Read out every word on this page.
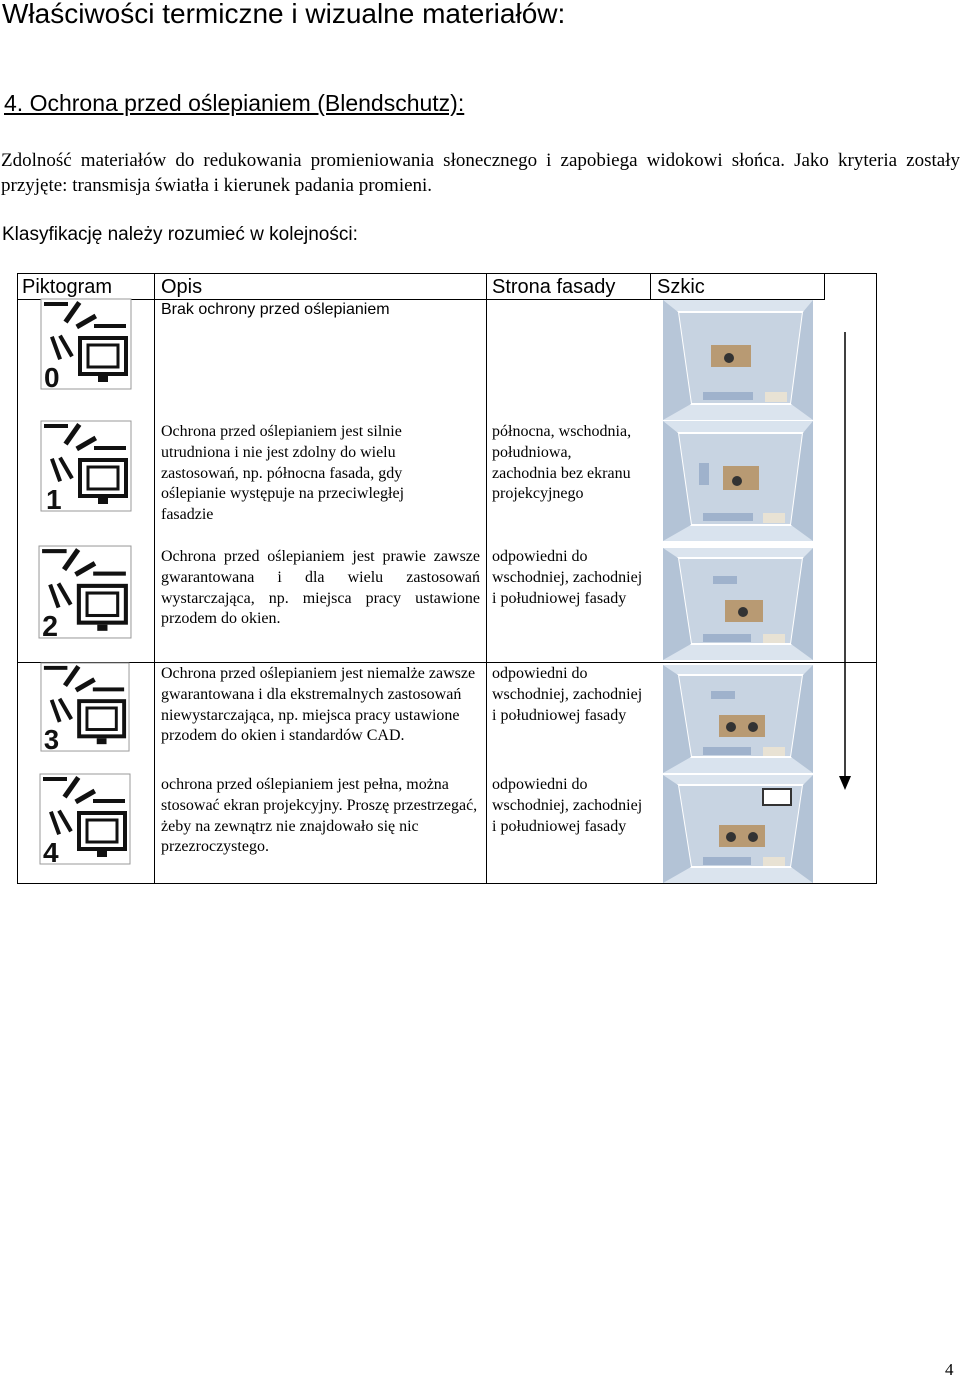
Właściwości termiczne i wizualne materiałów:
4. Ochrona przed oślepianiem (Blendschutz):
Zdolność materiałów do redukowania promieniowania słonecznego i zapobiega widokowi słońca. Jako kryteria zostały przyjęte: transmisja światła i kierunek padania promieni.
Klasyfikację należy rozumieć w kolejności:
Piktogram Opis	Strona fasady Szkic
Brak ochrony przed oślepianiem
Ochrona przed oślepianiem jest silnie utrudniona i nie jest zdolny do wielu zastosowań, np. północna fasada, gdy oślepianie występuje na przeciwległej fasadzie
Ochrona przed oślepianiem jest prawie zawsze gwarantowana i dla wielu zastosowań wystarczająca, np. miejsca pracy ustawione przodem do okien.
Ochrona przed oślepianiem jest niemalże zawsze gwarantowana i dla ekstremalnych zastosowań niewystarczająca, np. miejsca pracy ustawione przodem do okien i standardów CAD.
ochrona przed oślepianiem jest pełna, można stosować ekran projekcyjny. Proszę przestrzegać, żeby na zewnątrz nie znajdowało się nic przezroczystego.
północna, wschodnia, południowa, zachodnia bez ekranu projekcyjnego
odpowiedni do wschodniej, zachodniej i południowej fasady
odpowiedni do wschodniej, zachodniej i południowej fasady
odpowiedni do wschodniej, zachodniej i południowej fasady
0
1
2
3
4
4
